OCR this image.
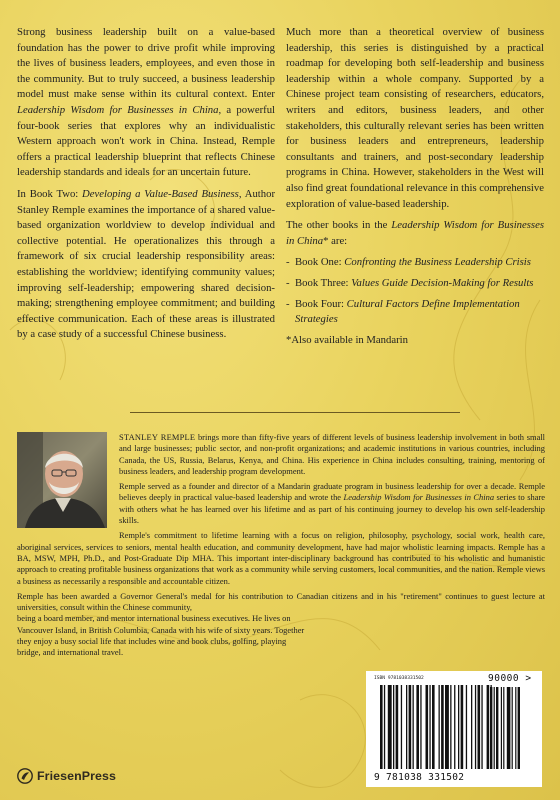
Strong business leadership built on a value-based foundation has the power to drive profit while improving the lives of business leaders, employees, and even those in the community. But to truly succeed, a business leadership model must make sense within its cultural context. Enter Leadership Wisdom for Businesses in China, a powerful four-book series that explores why an individualistic Western approach won't work in China. Instead, Remple offers a practical leadership blueprint that reflects Chinese leadership standards and ideals for an uncertain future.

In Book Two: Developing a Value-Based Business, Author Stanley Remple examines the importance of a shared value-based organization worldview to develop individual and collective potential. He operationalizes this through a framework of six crucial leadership responsibility areas: establishing the worldview; identifying community values; improving self-leadership; empowering shared decision-making; strengthening employee commitment; and building effective communication. Each of these areas is illustrated by a case study of a successful Chinese business.

Much more than a theoretical overview of business leadership, this series is distinguished by a practical roadmap for developing both self-leadership and business leadership within a whole company. Supported by a Chinese project team consisting of researchers, educators, writers and editors, business leaders, and other stakeholders, this culturally relevant series has been written for business leaders and entrepreneurs, leadership consultants and trainers, and post-secondary leadership programs in China. However, stakeholders in the West will also find great foundational relevance in this comprehensive exploration of value-based leadership.

The other books in the Leadership Wisdom for Businesses in China* are:

- Book One: Confronting the Business Leadership Crisis
- Book Three: Values Guide Decision-Making for Results
- Book Four: Cultural Factors Define Implementation Strategies

*Also available in Mandarin

STANLEY REMPLE brings more than fifty-five years of different levels of business leadership involvement in both small and large businesses; public sector, and non-profit organizations; and academic institutions in various countries, including Canada, the US, Russia, Belarus, Kenya, and China. His experience in China includes consulting, training, mentoring of business leaders, and leadership program development.

Remple served as a founder and director of a Mandarin graduate program in business leadership for over a decade. Remple believes deeply in practical value-based leadership and wrote the Leadership Wisdom for Businesses in China series to share with others what he has learned over his lifetime and as part of his continuing journey to develop his own self-leadership skills.

Remple's commitment to lifetime learning with a focus on religion, philosophy, psychology, social work, health care, aboriginal services, services to seniors, mental health education, and community development, have had major wholistic learning impacts. Remple has a BA, MSW, MPH, Ph.D., and Post-Graduate Dip MHA. This important inter-disciplinary background has contributed to his wholistic and humanistic approach to creating profitable business organizations that work as a community while serving customers, local communities, and the nation. Remple views a business as necessarily a responsible and accountable citizen.

Remple has been awarded a Governor General's medal for his contribution to Canadian citizens and in his "retirement" continues to guest lecture at universities, consult within the Chinese community,

being a board member, and mentor international business executives. He lives on
Vancouver Island, in British Columbia, Canada with his wife of sixty years. Together
they enjoy a busy social life that includes wine and book clubs, golfing, playing
bridge, and international travel.
ISBN 9781038331502	90000 >
9 781038 331502
FriesenPress
